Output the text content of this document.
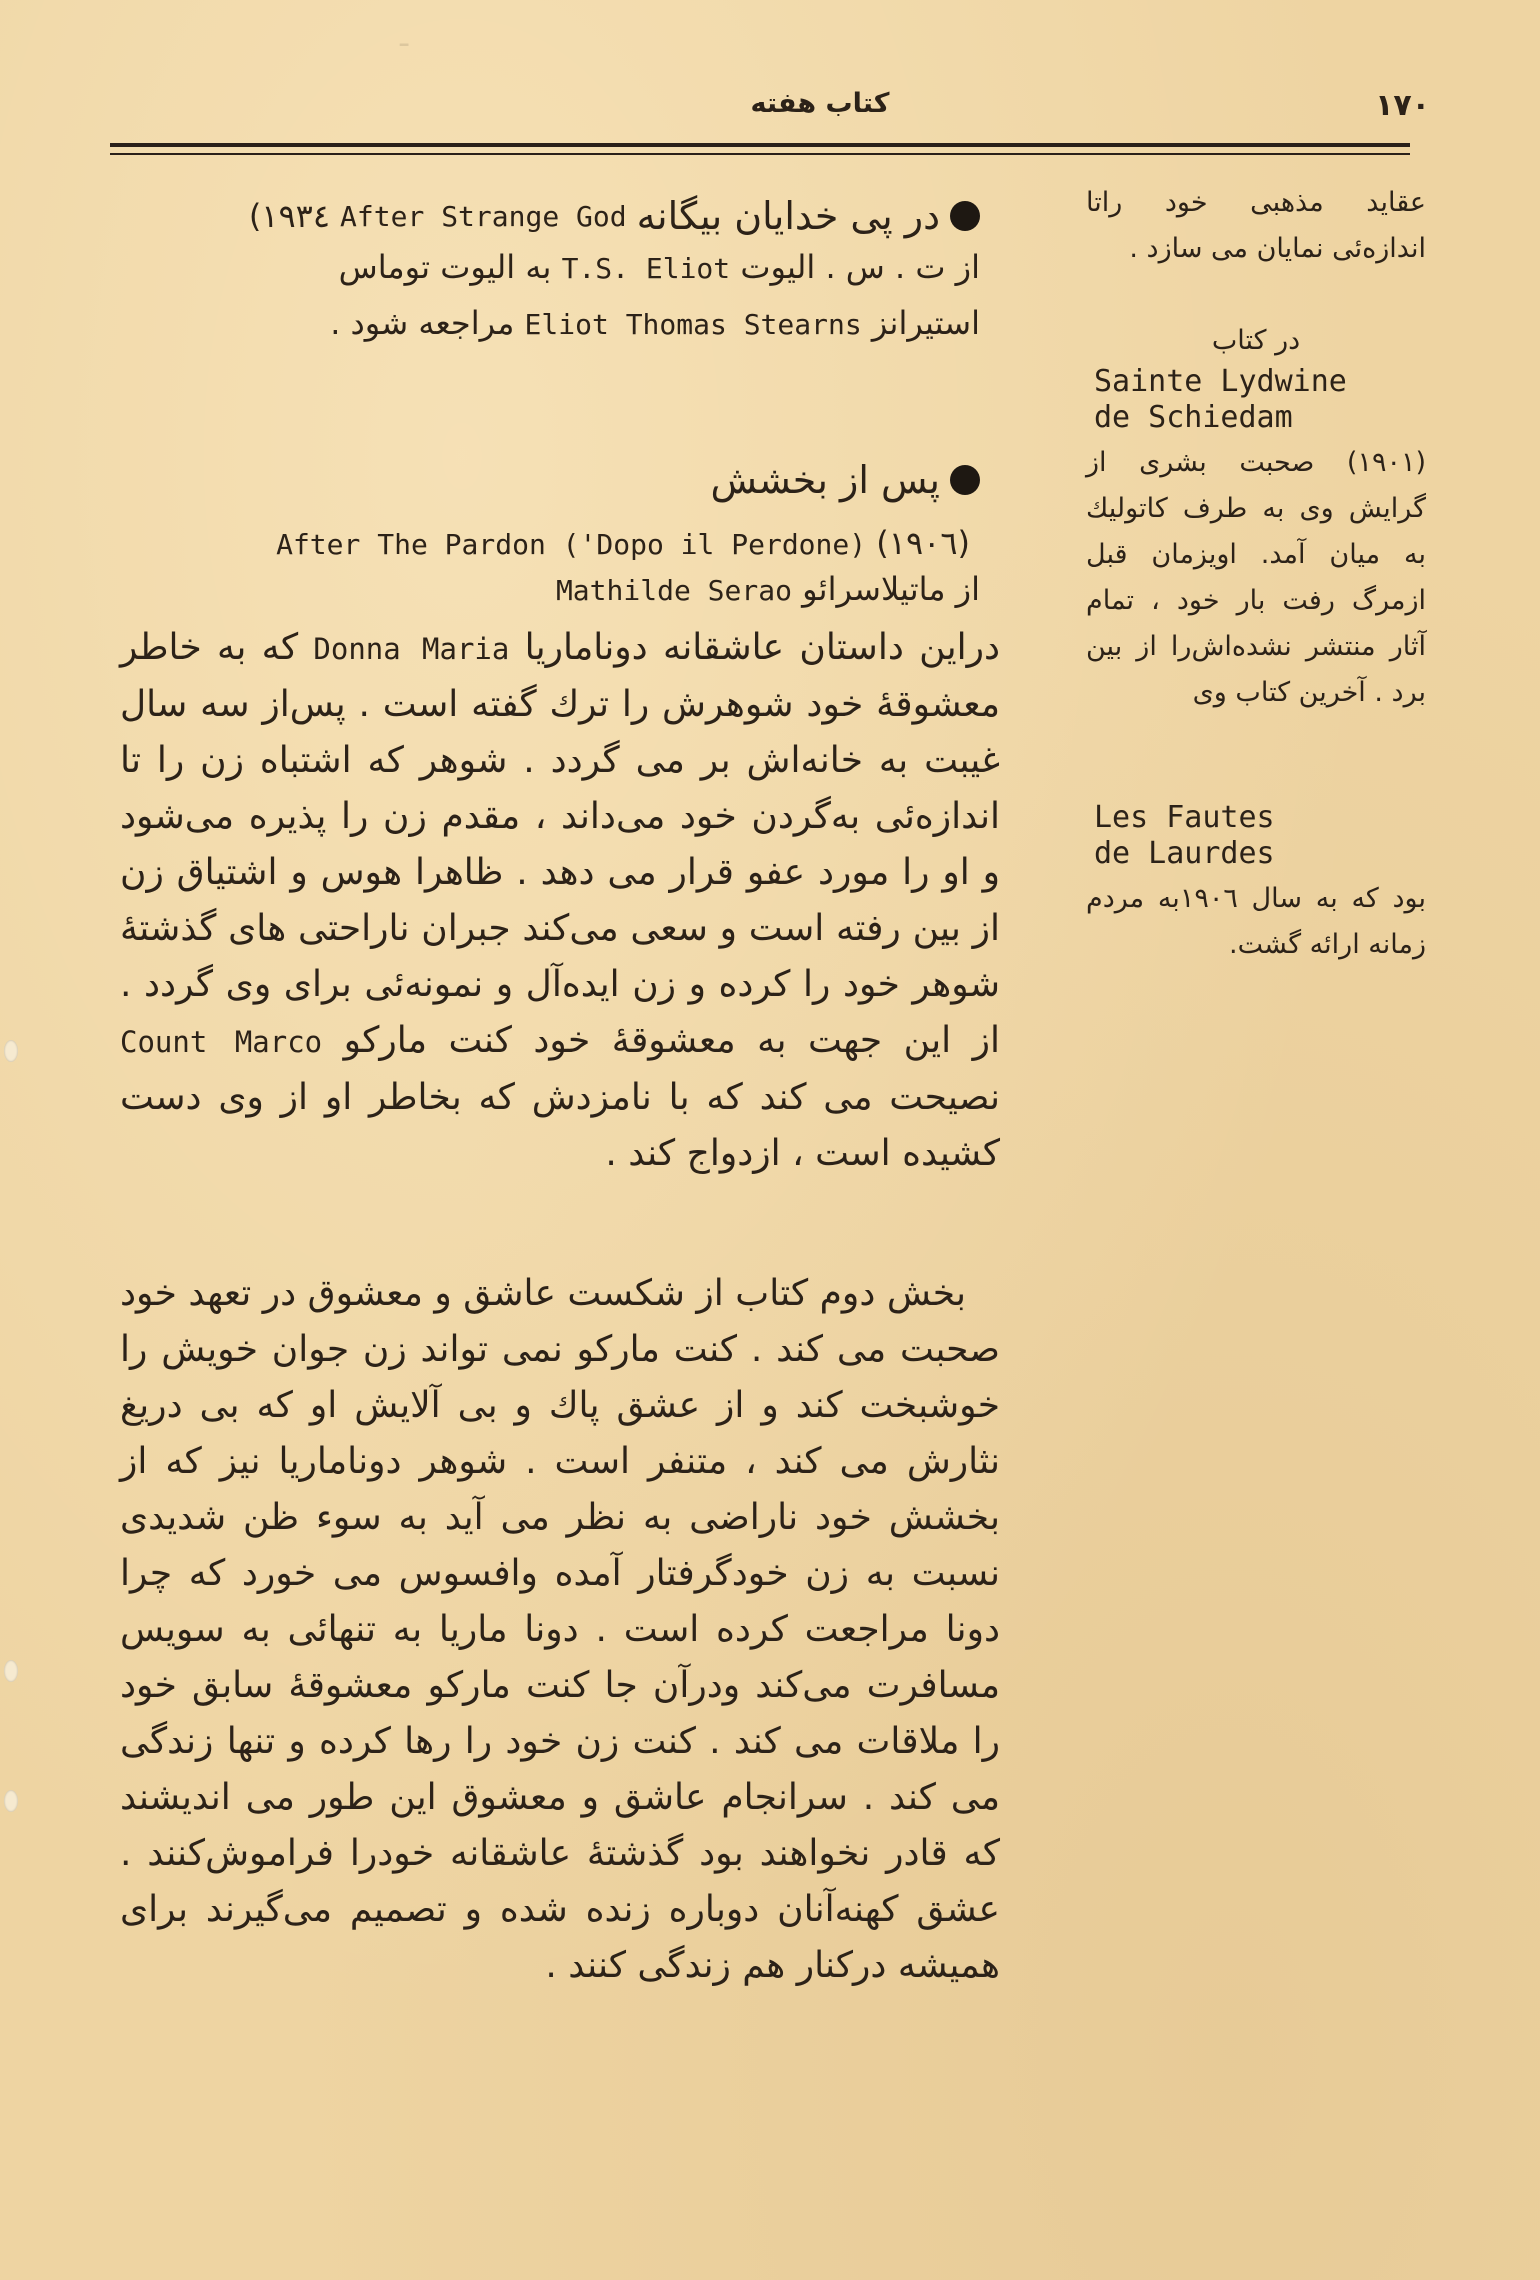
ـ
کتاب هفته	۱۷۰
در پی خدایان بیگانه
After Strange God
(۱۹۳٤
از ت . س . الیوت T.S. Eliot به الیوت توماس
استیرانز Eliot Thomas Stearns مراجعه شود .
پس از بخشش
(۱۹۰٦) After The Pardon ('Dopo il Perdone)
از ماتیلاسرائو Mathilde Serao
دراین داستان عاشقانه دوناماریا Donna Maria که به خاطر معشوقهٔ خود شوهرش را ترك گفته است . پس‌از سه سال غیبت به خانه‌اش بر می گردد . شوهر که اشتباه زن را تا اندازه‌ئی به‌گردن خود می‌داند ، مقدم زن را پذیره می‌شود و او را مورد عفو قرار می دهد . ظاهرا هوس و اشتیاق زن از بین رفته است و سعی می‌کند جبران ناراحتی های گذشتهٔ شوهر خود را کرده و زن ایده‌آل و نمونه‌ئی برای وی گردد . از این جهت به معشوقهٔ خود کنت مارکو Count Marco نصیحت می کند که با نامزدش که بخاطر او از وی دست کشیده است ، ازدواج کند .
بخش دوم کتاب از شکست عاشق و معشوق در تعهد خود صحبت می کند . کنت مارکو نمی تواند زن جوان خویش را خوشبخت کند و از عشق پاك و بی آلایش او که بی دریغ نثارش می کند ، متنفر است . شوهر دوناماریا نیز که از بخشش خود ناراضی به نظر می آید به سوء ظن شدیدی نسبت به زن خودگرفتار آمده وافسوس می خورد که چرا دونا مراجعت کرده است . دونا ماریا به تنهائی به سویس مسافرت می‌کند ودرآن جا کنت مارکو معشوقهٔ سابق خود را ملاقات می کند . کنت زن خود را رها کرده و تنها زندگی می کند . سرانجام عاشق و معشوق این طور می اندیشند که قادر نخواهند بود گذشتهٔ عاشقانه خودرا فراموش‌کنند . عشق کهنه‌آنان دوباره زنده شده و تصمیم می‌گیرند برای همیشه درکنار هم زندگی کنند .
عقاید مذهبی خود راتا اندازه‌ئی نمایان می سازد .
در کتاب
Sainte Lydwine
de Schiedam
(۱۹۰۱) صحبت بشری از گرایش وی به طرف کاتولیك به میان آمد. اویزمان قبل ازمرگ رفت بار خود ، تمام آثار منتشر نشده‌اش‌را از بین برد . آخرین کتاب وی
Les Fautes
de Laurdes
بود که به سال ۱۹۰٦به مردم زمانه ارائه گشت.
